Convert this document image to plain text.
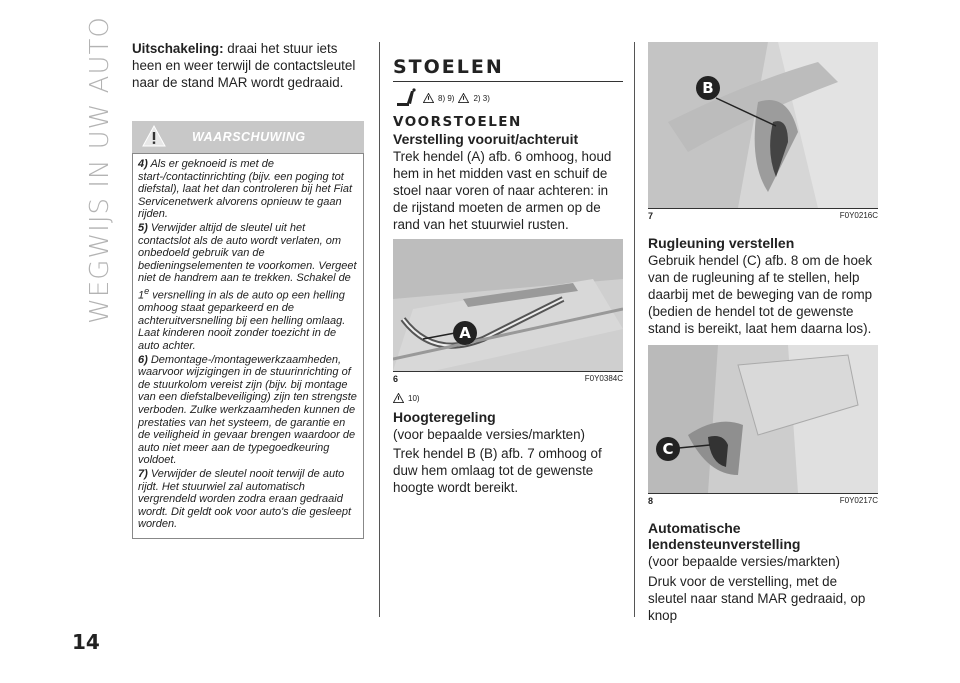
WEGWIJS IN UW AUTO
14

Uitschakeling: draai het stuur iets heen en weer terwijl de contactsleutel naar de stand MAR wordt gedraaid.

WAARSCHUWING

4) Als er geknoeid is met de start-/contactinrichting (bijv. een poging tot diefstal), laat het dan controleren bij het Fiat Servicenetwerk alvorens opnieuw te gaan rijden.

5) Verwijder altijd de sleutel uit het contactslot als de auto wordt verlaten, om onbedoeld gebruik van de bedieningselementen te voorkomen. Vergeet niet de handrem aan te trekken. Schakel de 1e versnelling in als de auto op een helling omhoog staat geparkeerd en de achteruitversnelling bij een helling omlaag. Laat kinderen nooit zonder toezicht in de auto achter.

6) Demontage-/montagewerkzaamheden, waarvoor wijzigingen in de stuurinrichting of de stuurkolom vereist zijn (bijv. bij montage van een diefstalbeveiliging) zijn ten strengste verboden. Zulke werkzaamheden kunnen de prestaties van het systeem, de garantie en de veiligheid in gevaar brengen waardoor de auto niet meer aan de typegoedkeuring voldoet.

7) Verwijder de sleutel nooit terwijl de auto rijdt. Het stuurwiel zal automatisch vergrendeld worden zodra eraan gedraaid wordt. Dit geldt ook voor auto's die gesleept worden.

STOELEN
8) 9) 2) 3)
VOORSTOELEN
Verstelling vooruit/achteruit

Trek hendel (A) afb. 6 omhoog, houd hem in het midden vast en schuif de stoel naar voren of naar achteren: in de rijstand moeten de armen op de rand van het stuurwiel rusten.

A
6	F0Y0384C
10)
Hoogteregeling

(voor bepaalde versies/markten)

Trek hendel B (B) afb. 7 omhoog of duw hem omlaag tot de gewenste hoogte wordt bereikt.

B
7	F0Y0216C
Rugleuning verstellen

Gebruik hendel (C) afb. 8 om de hoek van de rugleuning af te stellen, help daarbij met de beweging van de romp (bedien de hendel tot de gewenste stand is bereikt, laat hem daarna los).

C
8	F0Y0217C
Automatische
lendensteunverstelling

(voor bepaalde versies/markten)

Druk voor de verstelling, met de sleutel naar stand MAR gedraaid, op knop
